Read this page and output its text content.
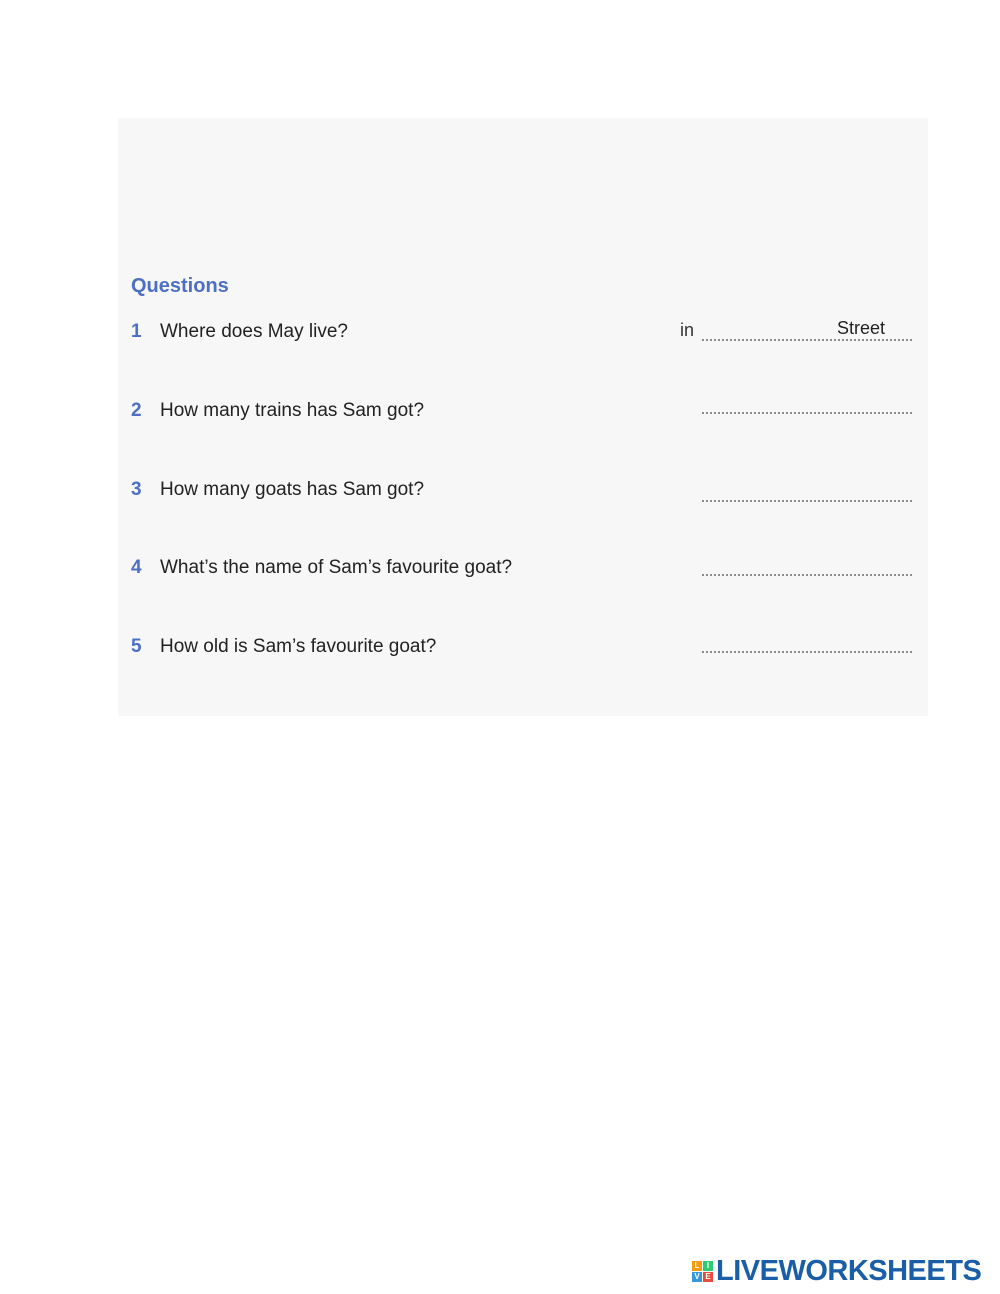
Questions
1 Where does May live?	in	Street
2 How many trains has Sam got?
3 How many goats has Sam got?
4 What’s the name of Sam’s favourite goat?
5 How old is Sam’s favourite goat?
L I
V E LIVEWORKSHEETS
